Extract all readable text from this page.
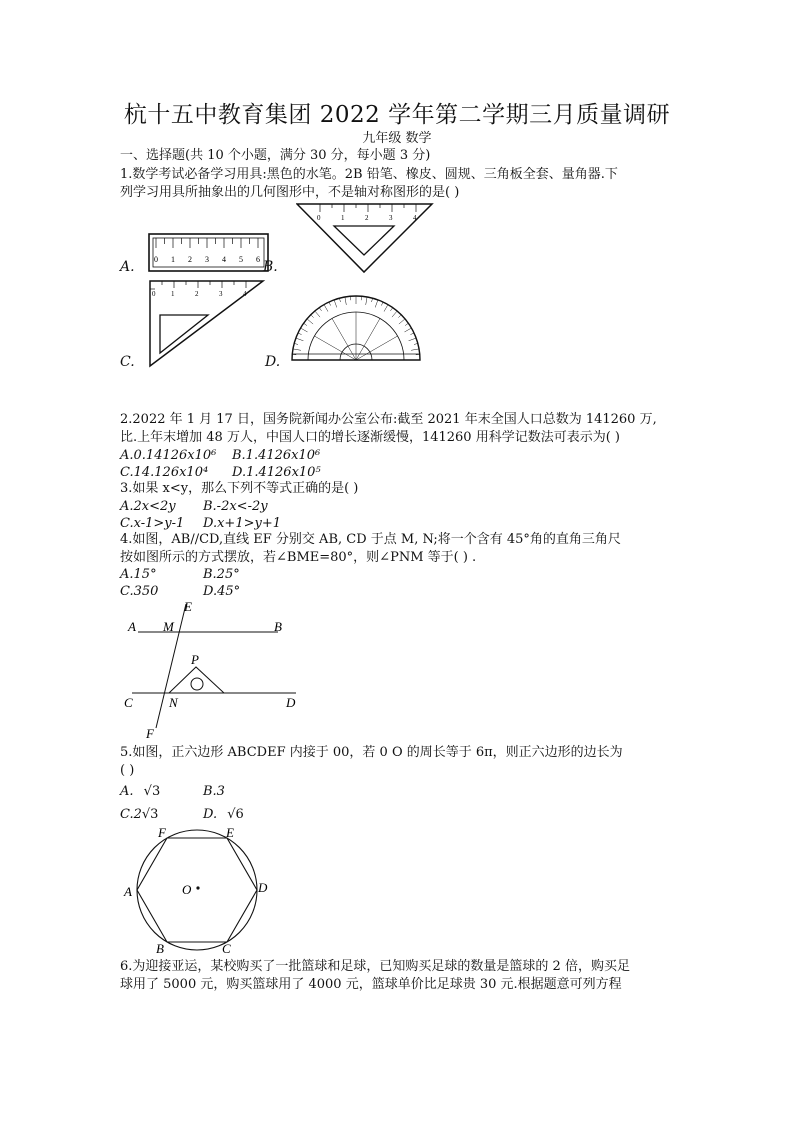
杭十五中教育集团 2022 学年第二学期三月质量调研
九年级 数学
一、选择题(共 10 个小题，满分 30 分，每小题 3 分)
1.数学考试必备学习用具:黑色的水笔。2B 铅笔、橡皮、圆规、三角板全套、量角器.下
列学习用具所抽象出的几何图形中，不是轴对称图形的是( )
0 1 2 3 4 5 6
A.	B.
0	1	2	3	4
0 1	2	3	4
C.	D.
2.2022 年 1 月 17 日，国务院新闻办公室公布:截至 2021 年末全国人口总数为 141260 万,
比.上年末增加 48 万人，中国人口的增长逐渐缓慢，141260 用科学记数法可表示为( )
A.0.14126x10⁶ B.1.4126x10⁶
C.14.126x10⁴ D.1.4126x10⁵
3.如果 x<y，那么下列不等式正确的是( )
A.2x<2y B.-2x<-2y
C.x-1>y-1 D.x+1>y+1
4.如图，AB//CD,直线 EF 分别交 AB, CD 于点 M, N;将一个含有 45°角的直角三角尺
按如图所示的方式摆放，若∠BME=80°，则∠PNM 等于( ) .
A.15°	B.25°
C.350	D.45°
A M
E
B
P
C	N	D
F
5.如图，正六边形 ABCDEF 内接于 00，若 0 O 的周长等于 6π，则正六边形的边长为
( )
A. √3	B.3
C.2√3	D. √6
F	E
A	O	D
B	C
6.为迎接亚运，某校购买了一批篮球和足球，已知购买足球的数量是篮球的 2 倍，购买足
球用了 5000 元，购买篮球用了 4000 元，篮球单价比足球贵 30 元.根据题意可列方程
